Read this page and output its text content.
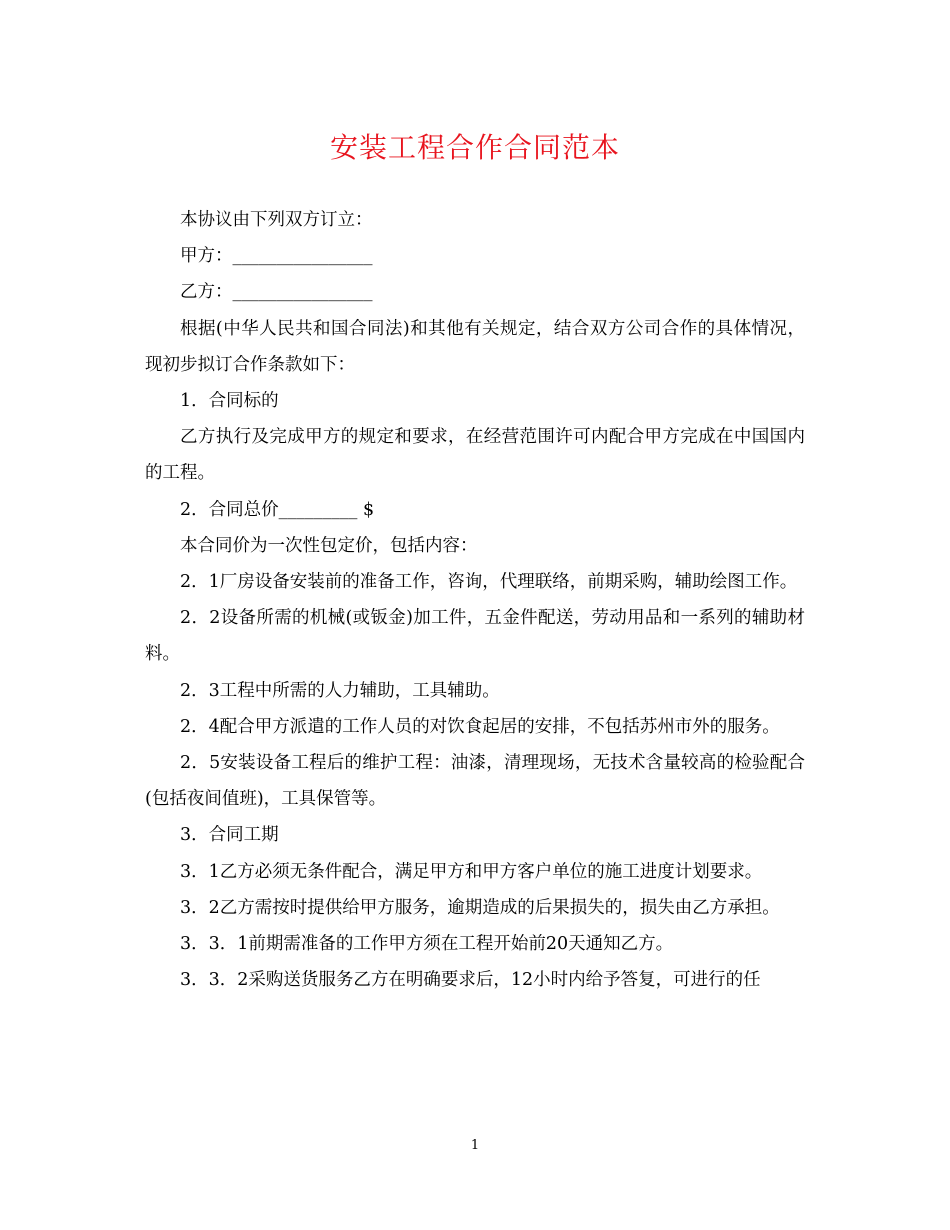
安装工程合作合同范本

本协议由下列双方订立：

甲方：________________

乙方：________________

根据(中华人民共和国合同法)和其他有关规定，结合双方公司合作的具体情况，现初步拟订合作条款如下：

1．合同标的

乙方执行及完成甲方的规定和要求，在经营范围许可内配合甲方完成在中国国内的工程。

2．合同总价_________ $

本合同价为一次性包定价，包括内容：

2．1厂房设备安装前的准备工作，咨询，代理联络，前期采购，辅助绘图工作。

2．2设备所需的机械(或钣金)加工件，五金件配送，劳动用品和一系列的辅助材料。

2．3工程中所需的人力辅助，工具辅助。

2．4配合甲方派遣的工作人员的对饮食起居的安排，不包括苏州市外的服务。

2．5安装设备工程后的维护工程：油漆，清理现场，无技术含量较高的检验配合(包括夜间值班)，工具保管等。

3．合同工期

3．1乙方必须无条件配合，满足甲方和甲方客户单位的施工进度计划要求。

3．2乙方需按时提供给甲方服务，逾期造成的后果损失的，损失由乙方承担。

3．3．1前期需准备的工作甲方须在工程开始前20天通知乙方。

3．3．2采购送货服务乙方在明确要求后，12小时内给予答复，可进行的任

1
